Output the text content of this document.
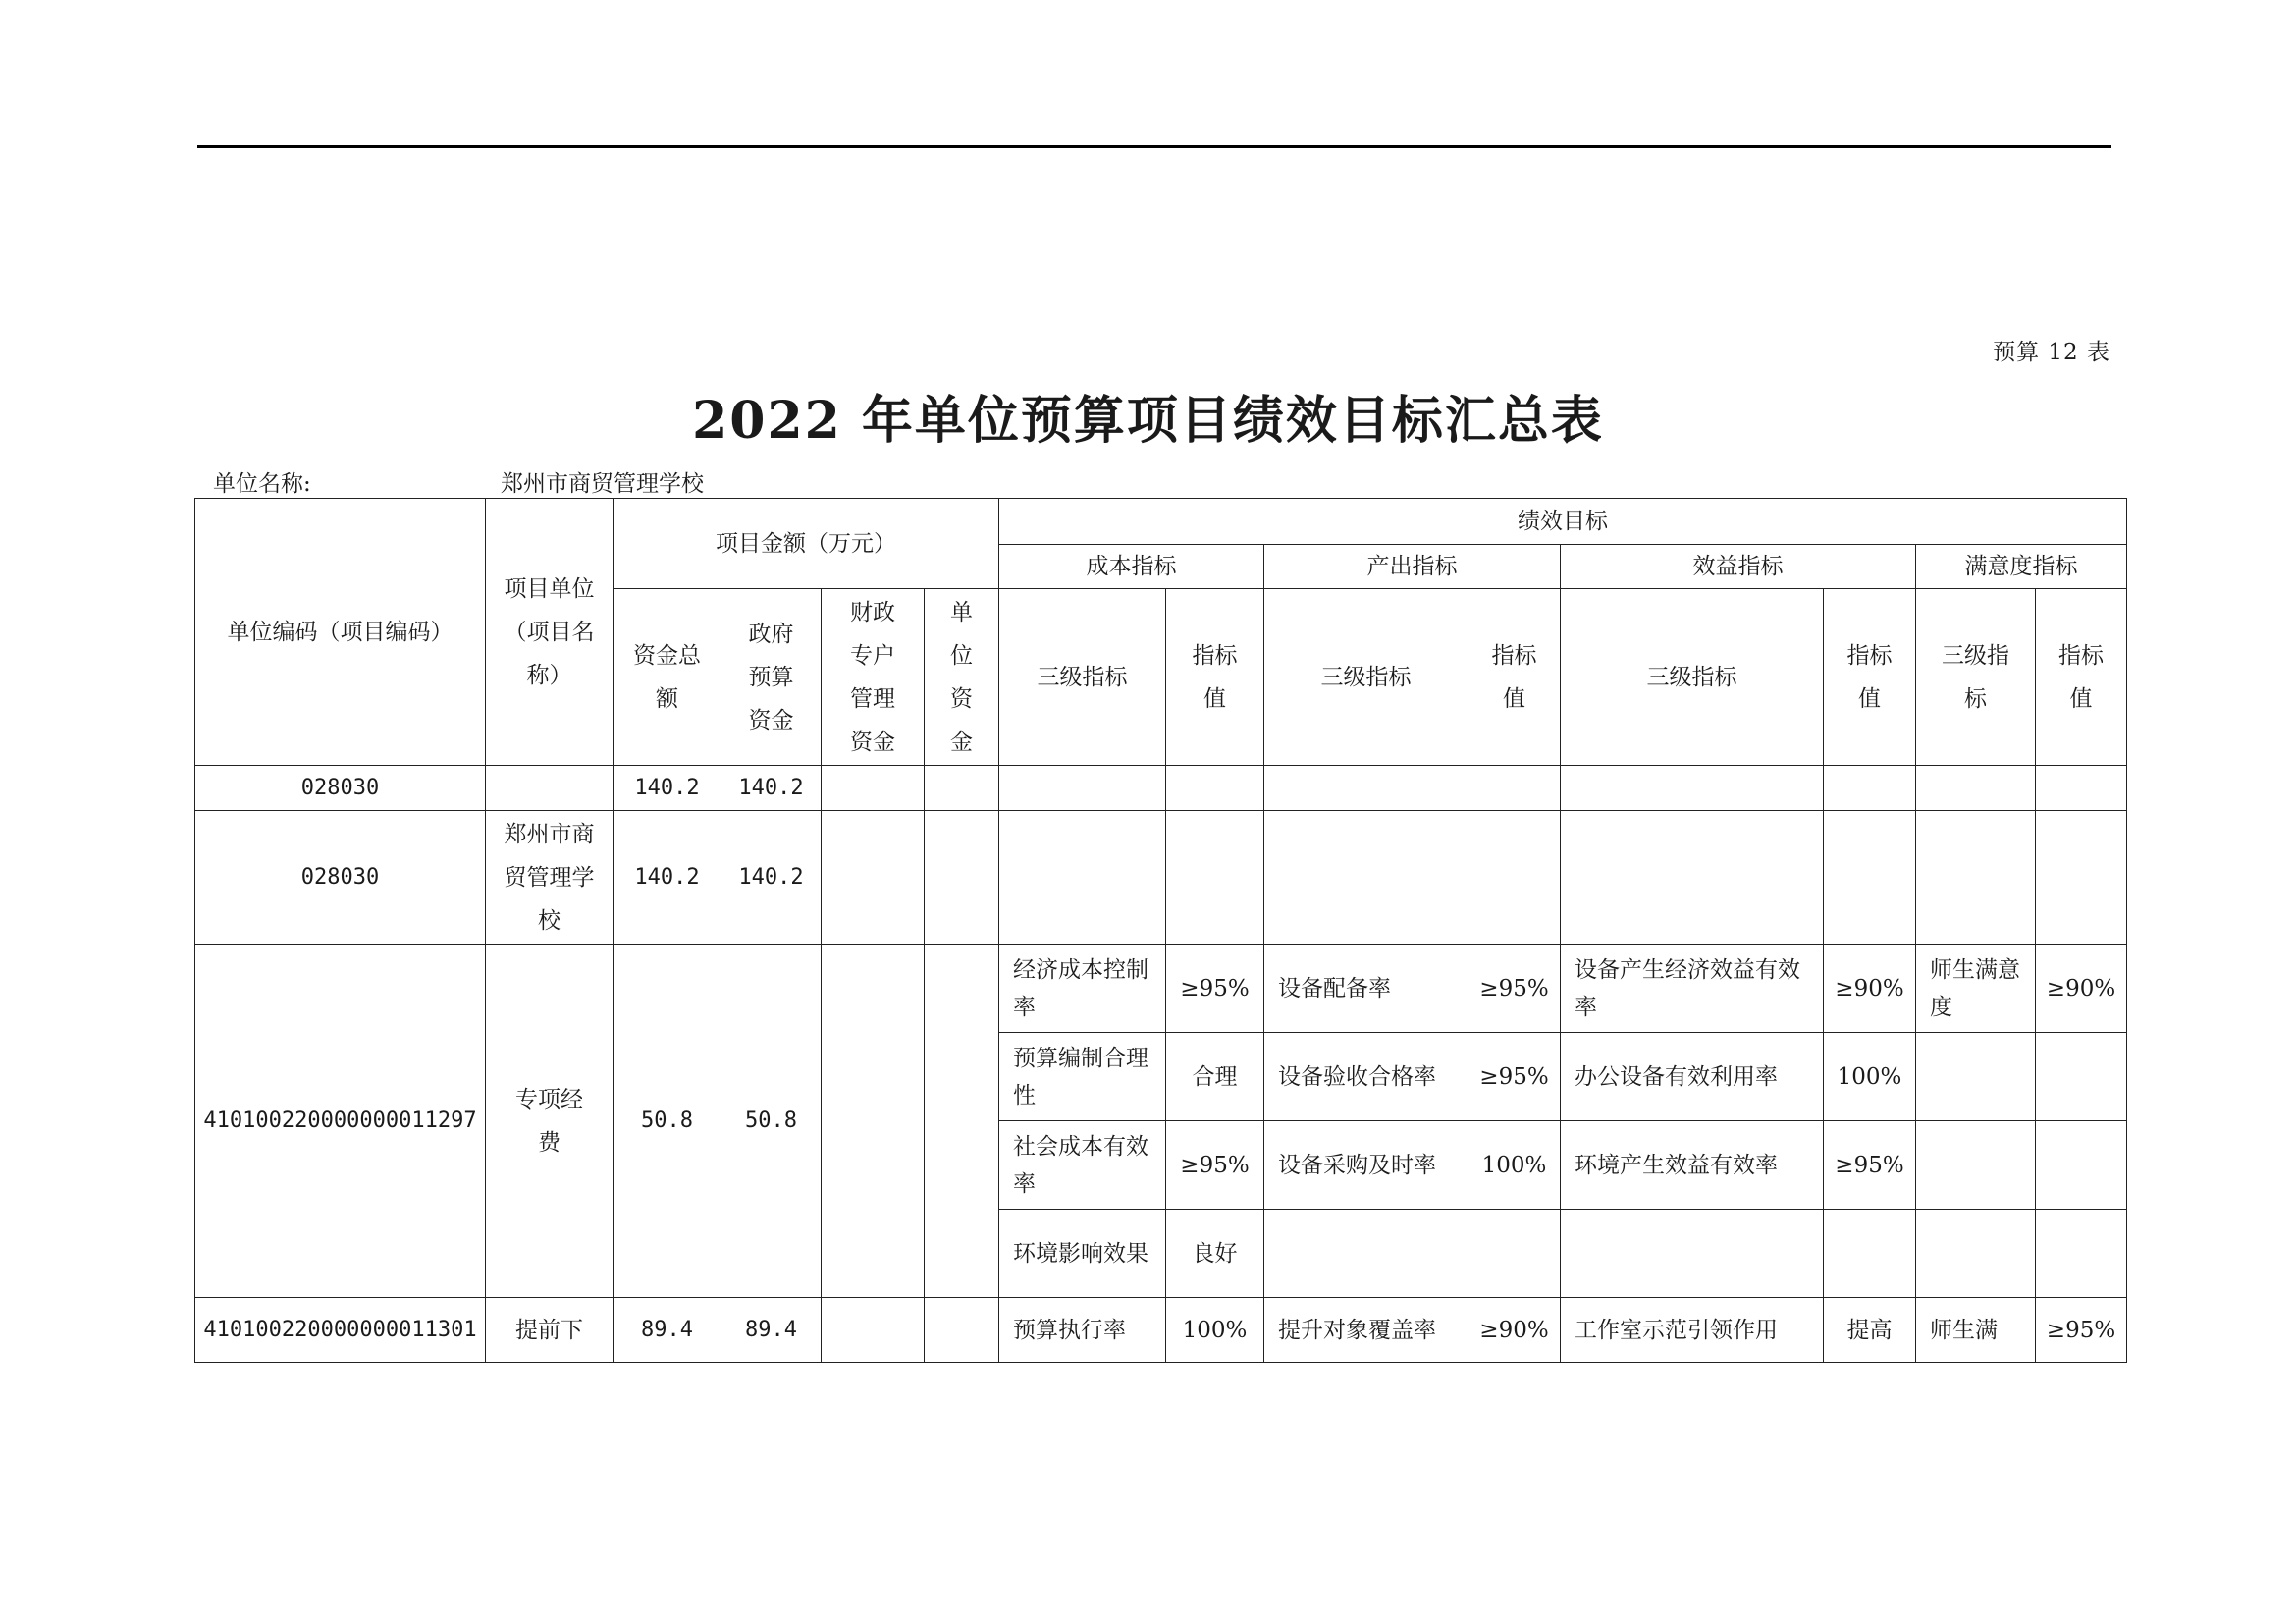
预算 12 表
2022 年单位预算项目绩效目标汇总表
单位名称:	郑州市商贸管理学校
单位编码（项目编码）	项目单位（项目名称）	项目金额（万元）				绩效目标							
						成本指标		产出指标		效益指标		满意度指标	
		资金总额	政府预算资金	财政专户管理资金	单位资金	三级指标	指标值	三级指标	指标值	三级指标	指标值	三级指标	指标值
028030		140.2	140.2										
028030	郑州市商贸管理学校	140.2	140.2										
410100220000000011297	专项经费	50.8	50.8			经济成本控制率	≥95%	设备配备率	≥95%	设备产生经济效益有效率	≥90%	师生满意度	≥90%
						预算编制合理性	合理	设备验收合格率	≥95%	办公设备有效利用率	100%		
						社会成本有效率	≥95%	设备采购及时率	100%	环境产生效益有效率	≥95%		
						环境影响效果	良好						
410100220000000011301	提前下	89.4	89.4			预算执行率	100%	提升对象覆盖率	≥90%	工作室示范引领作用	提高	师生满	≥95%
